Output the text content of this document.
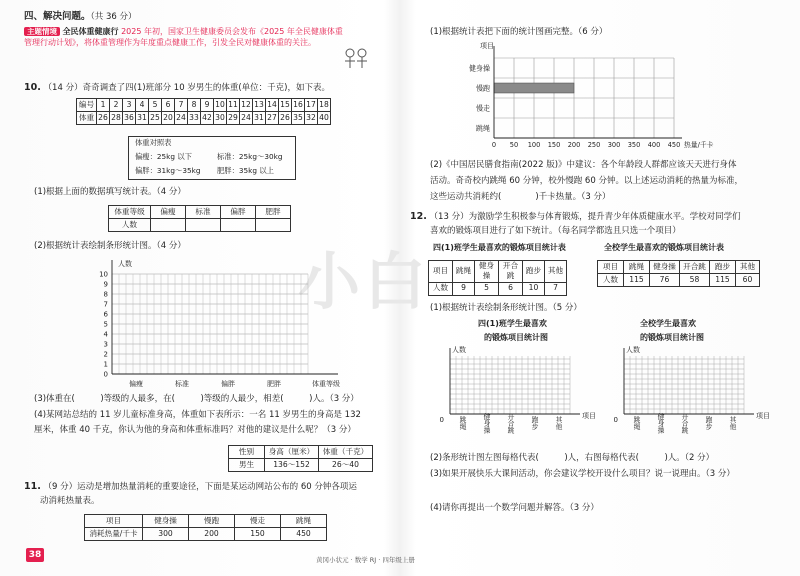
小白
四、解决问题。（共 36 分）
主题情境 全民体重健康行 2025 年初，国家卫生健康委员会发布《2025 年全民健康体重
管理行动计划》，将体重管理作为年度重点健康工作，引发全民对健康体重的关注。
10. （14 分）奇奇调查了四(1)班部分 10 岁男生的体重(单位：千克)，如下表。
编号	1	2	3	4	5	6	7	8	9	10	11	12	13	14	15	16	17	18
体重	26	28	36	31	25	20	24	33	42	30	29	24	31	27	26	35	32	40
体重对照表
偏瘦：25kg 以下	标准：25kg～30kg
偏胖：31kg～35kg 肥胖：35kg 以上
(1)根据上面的数据填写统计表。（4 分）
体重等级	偏瘦	标准	偏胖	肥胖
人数				
(2)根据统计表绘制条形统计图。（4 分）
0
1
2
3
4
5
6
7
8
9
10
人数
体重等级
偏瘦	标准	偏胖	肥胖
(3)体重在(　　　)等级的人最多，在(　　　)等级的人最少，相差(　　　)人。（3 分）
(4)某网站总结的 11 岁儿童标准身高，体重如下表所示：一名 11 岁男生的身高是 132
厘米，体重 40 千克，你认为他的身高和体重标准吗？对他的建议是什么呢？（3 分）
性别	身高（厘米）	体重（千克）
男生	136～152	26～40
11. （9 分）运动是增加热量消耗的重要途径，下面是某运动网站公布的 60 分钟各项运
动消耗热量表。
项目	健身操	慢跑	慢走	跳绳
消耗热量/千卡	300	200	150	450
38	黄冈小状元 · 数学 RJ · 四年级上册
(1)根据统计表把下面的统计图画完整。（6 分）
0 50 100 150 200 250 300 350 400 450
健身操
慢跑
慢走
跳绳
项目
热量/千卡
(2)《中国居民膳食指南(2022 版)》中建议：各个年龄段人群都应该天天进行身体
活动。奇奇校内跳绳 60 分钟，校外慢跑 60 分钟。以上述运动消耗的热量为标准，
这些运动共消耗约(　　　　)千卡热量。（3 分）
12. （13 分）为激励学生积极参与体育锻炼，提升青少年体质健康水平。学校对同学们
喜欢的锻炼项目进行了如下统计。（每名同学都选且只选一个项目）
四(1)班学生最喜欢的锻炼项目统计表	全校学生最喜欢的锻炼项目统计表
项目	跳绳	健身操	开合跳	跑步	其他
人数	9	5	6	10	7
项目	跳绳	健身操	开合跳	跑步	其他
人数	115	76	58	115	60
(1)根据统计表绘制条形统计图。（5 分）
四(1)班学生最喜欢
的锻炼项目统计图
全校学生最喜欢
的锻炼项目统计图
人数
0	项目
跳绳 健身操 开合跳 跑步 其他
人数
0	项目
跳绳 健身操 开合跳 跑步 其他
(2)条形统计图左图每格代表(　　　)人，右图每格代表(　　　)人。（2 分）
(3)如果开展快乐大课间活动，你会建议学校开设什么项目？说一说理由。（3 分）
(4)请你再提出一个数学问题并解答。（3 分）
